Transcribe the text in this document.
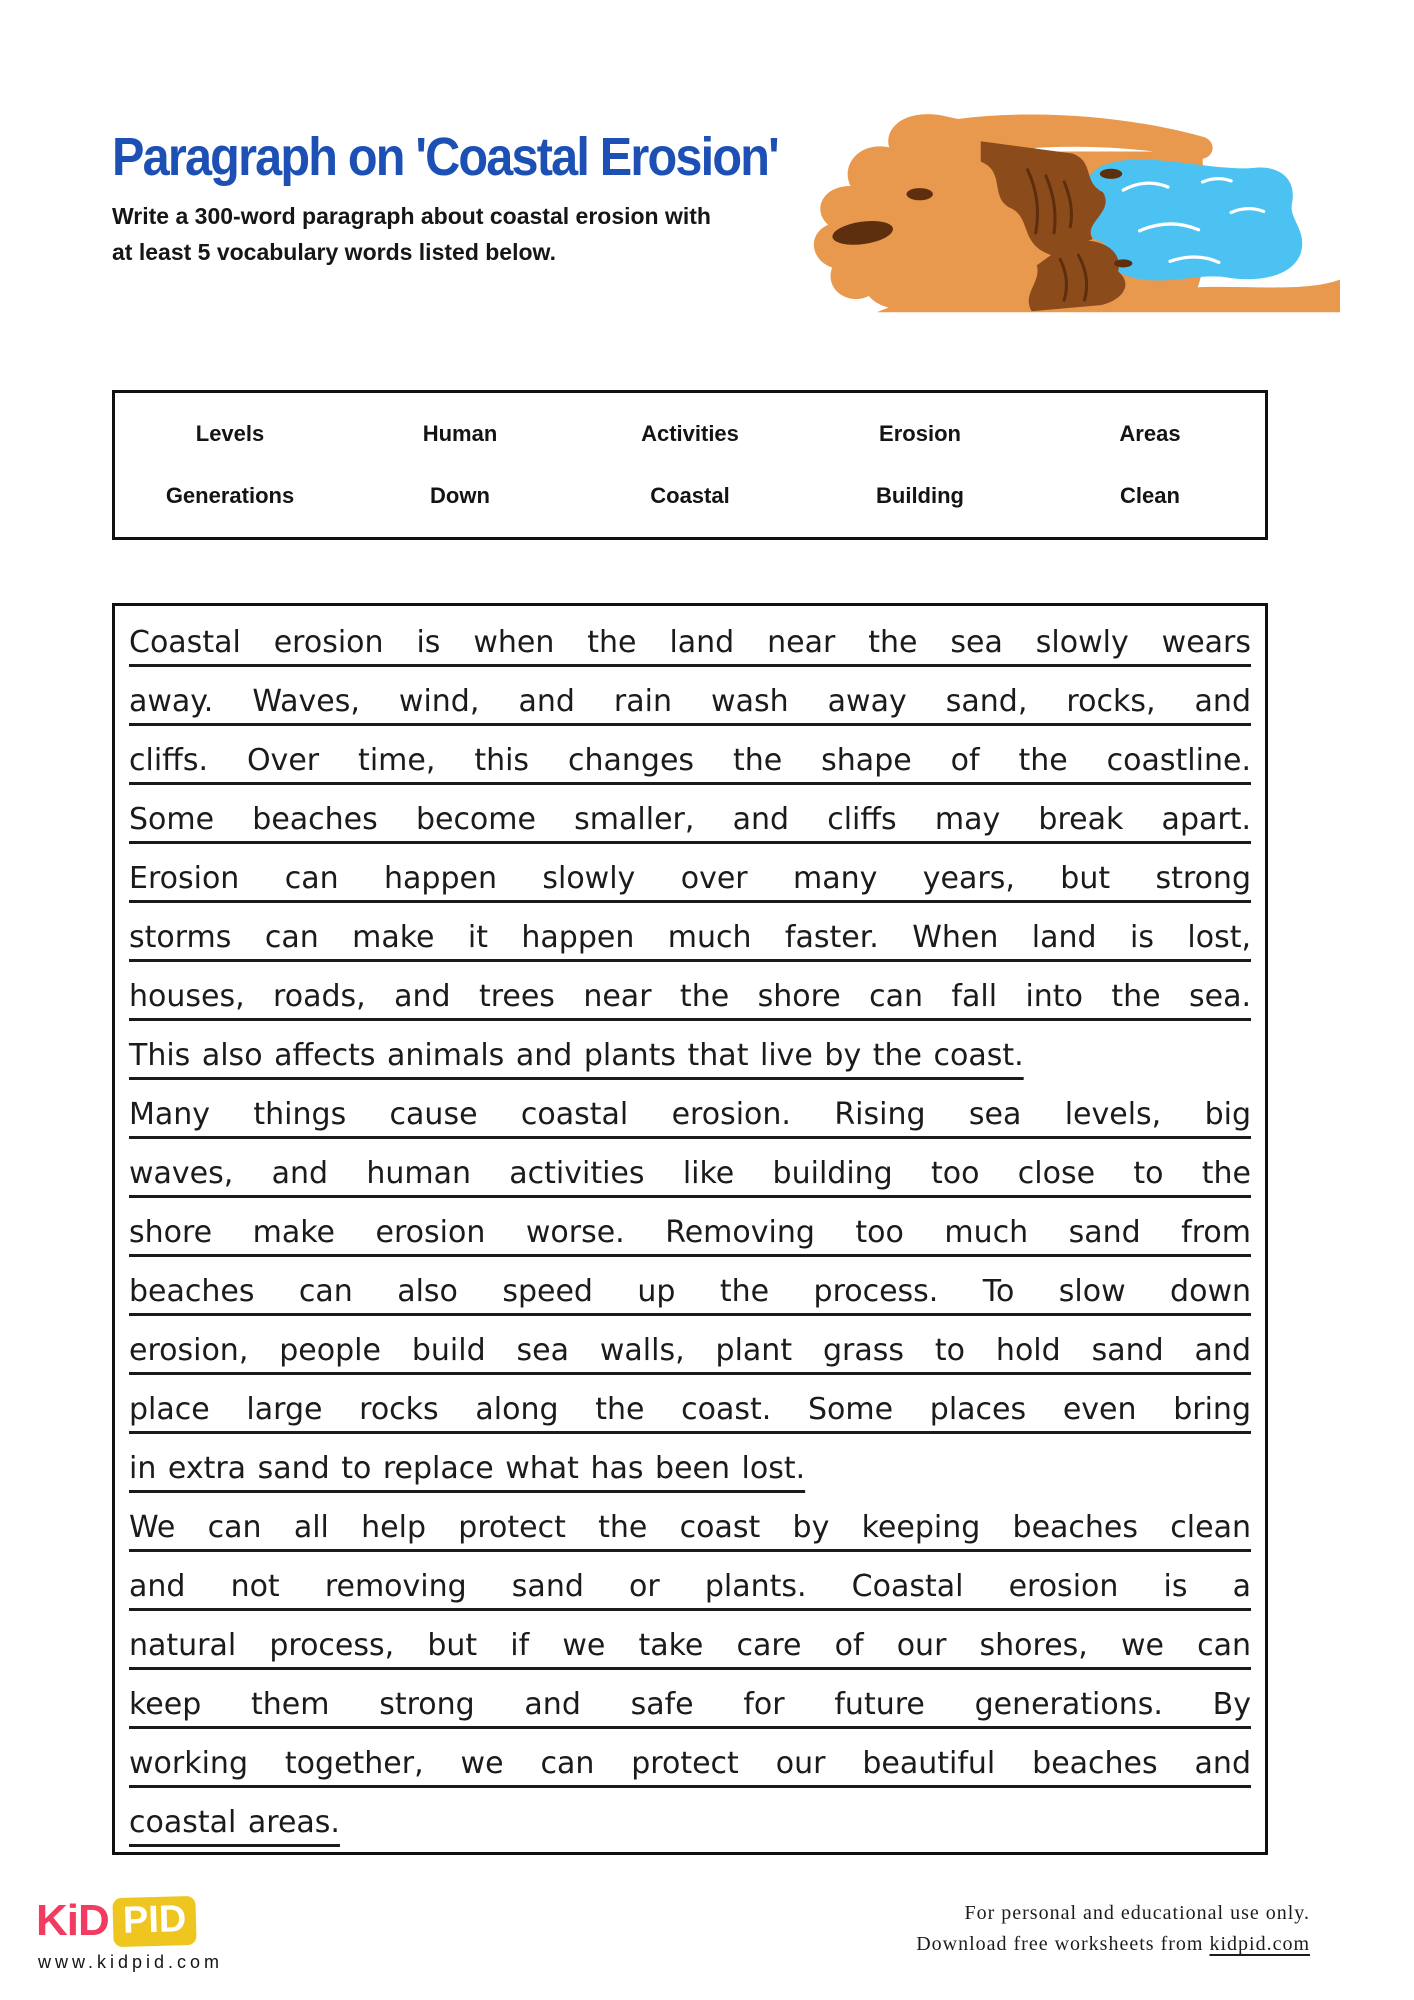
Paragraph on 'Coastal Erosion'
Write a 300-word paragraph about coastal erosion with
at least 5 vocabulary words listed below.
Levels	Human	Activities	Erosion	Areas
Generations	Down	Coastal	Building	Clean
Coastal erosion is when the land near the sea slowly wears
away. Waves, wind, and rain wash away sand, rocks, and
cliffs. Over time, this changes the shape of the coastline.
Some beaches become smaller, and cliffs may break apart.
Erosion can happen slowly over many years, but strong
storms can make it happen much faster. When land is lost,
houses, roads, and trees near the shore can fall into the sea.
This also affects animals and plants that live by the coast.
Many things cause coastal erosion. Rising sea levels, big
waves, and human activities like building too close to the
shore make erosion worse. Removing too much sand from
beaches can also speed up the process. To slow down
erosion, people build sea walls, plant grass to hold sand and
place large rocks along the coast. Some places even bring
in extra sand to replace what has been lost.
We can all help protect the coast by keeping beaches clean
and not removing sand or plants. Coastal erosion is a
natural process, but if we take care of our shores, we can
keep them strong and safe for future generations. By
working together, we can protect our beautiful beaches and
coastal areas.
KiD PID
www.kidpid.com
For personal and educational use only.
Download free worksheets from kidpid.com
